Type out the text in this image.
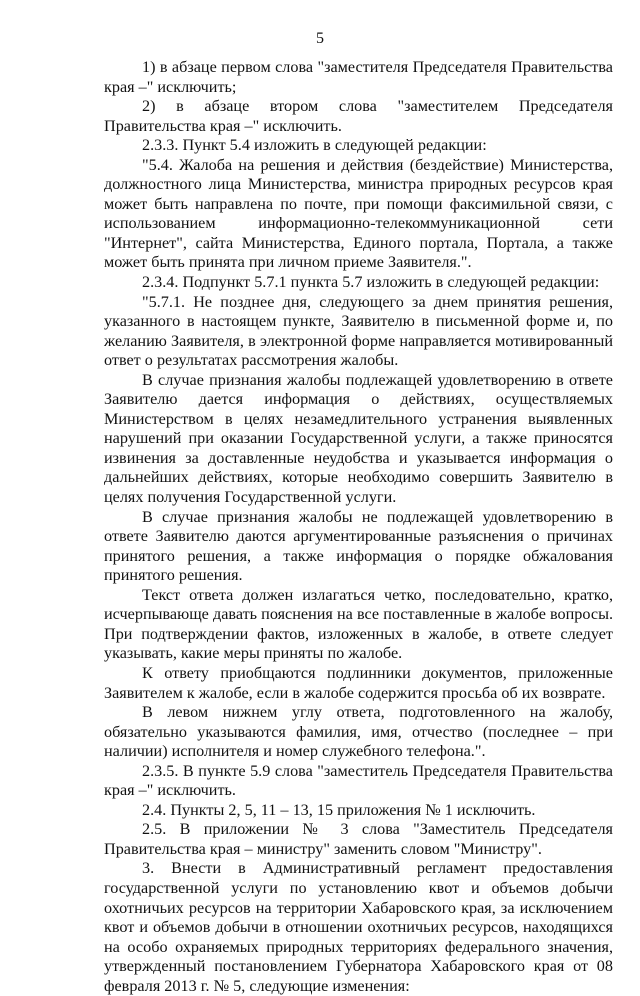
5

1) в абзаце первом слова "заместителя Председателя Правительства края –" исключить;

2) в абзаце втором слова "заместителем Председателя Правительства края –" исключить.

2.3.3. Пункт 5.4 изложить в следующей редакции:

"5.4. Жалоба на решения и действия (бездействие) Министерства, должностного лица Министерства, министра природных ресурсов края может быть направлена по почте, при помощи факсимильной связи, с использованием информационно-телекоммуникационной сети "Интернет", сайта Министерства, Единого портала, Портала, а также может быть принята при личном приеме Заявителя.".

2.3.4. Подпункт 5.7.1 пункта 5.7 изложить в следующей редакции:

"5.7.1. Не позднее дня, следующего за днем принятия решения, указанного в настоящем пункте, Заявителю в письменной форме и, по желанию Заявителя, в электронной форме направляется мотивированный ответ о результатах рассмотрения жалобы.

В случае признания жалобы подлежащей удовлетворению в ответе Заявителю дается информация о действиях, осуществляемых Министерством в целях незамедлительного устранения выявленных нарушений при оказании Государственной услуги, а также приносятся извинения за доставленные неудобства и указывается информация о дальнейших действиях, которые необходимо совершить Заявителю в целях получения Государственной услуги.

В случае признания жалобы не подлежащей удовлетворению в ответе Заявителю даются аргументированные разъяснения о причинах принятого решения, а также информация о порядке обжалования принятого решения.

Текст ответа должен излагаться четко, последовательно, кратко, исчерпывающе давать пояснения на все поставленные в жалобе вопросы. При подтверждении фактов, изложенных в жалобе, в ответе следует указывать, какие меры приняты по жалобе.

К ответу приобщаются подлинники документов, приложенные Заявителем к жалобе, если в жалобе содержится просьба об их возврате.

В левом нижнем углу ответа, подготовленного на жалобу, обязательно указываются фамилия, имя, отчество (последнее – при наличии) исполнителя и номер служебного телефона.".

2.3.5. В пункте 5.9 слова "заместитель Председателя Правительства края –" исключить.

2.4. Пункты 2, 5, 11 – 13, 15 приложения № 1 исключить.

2.5. В приложении № 3 слова "Заместитель Председателя Правительства края – министру" заменить словом "Министру".

3. Внести в Административный регламент предоставления государственной услуги по установлению квот и объемов добычи охотничьих ресурсов на территории Хабаровского края, за исключением квот и объемов добычи в отношении охотничьих ресурсов, находящихся на особо охраняемых природных территориях федерального значения, утвержденный постановлением Губернатора Хабаровского края от 08 февраля 2013 г. № 5, следующие изменения:
